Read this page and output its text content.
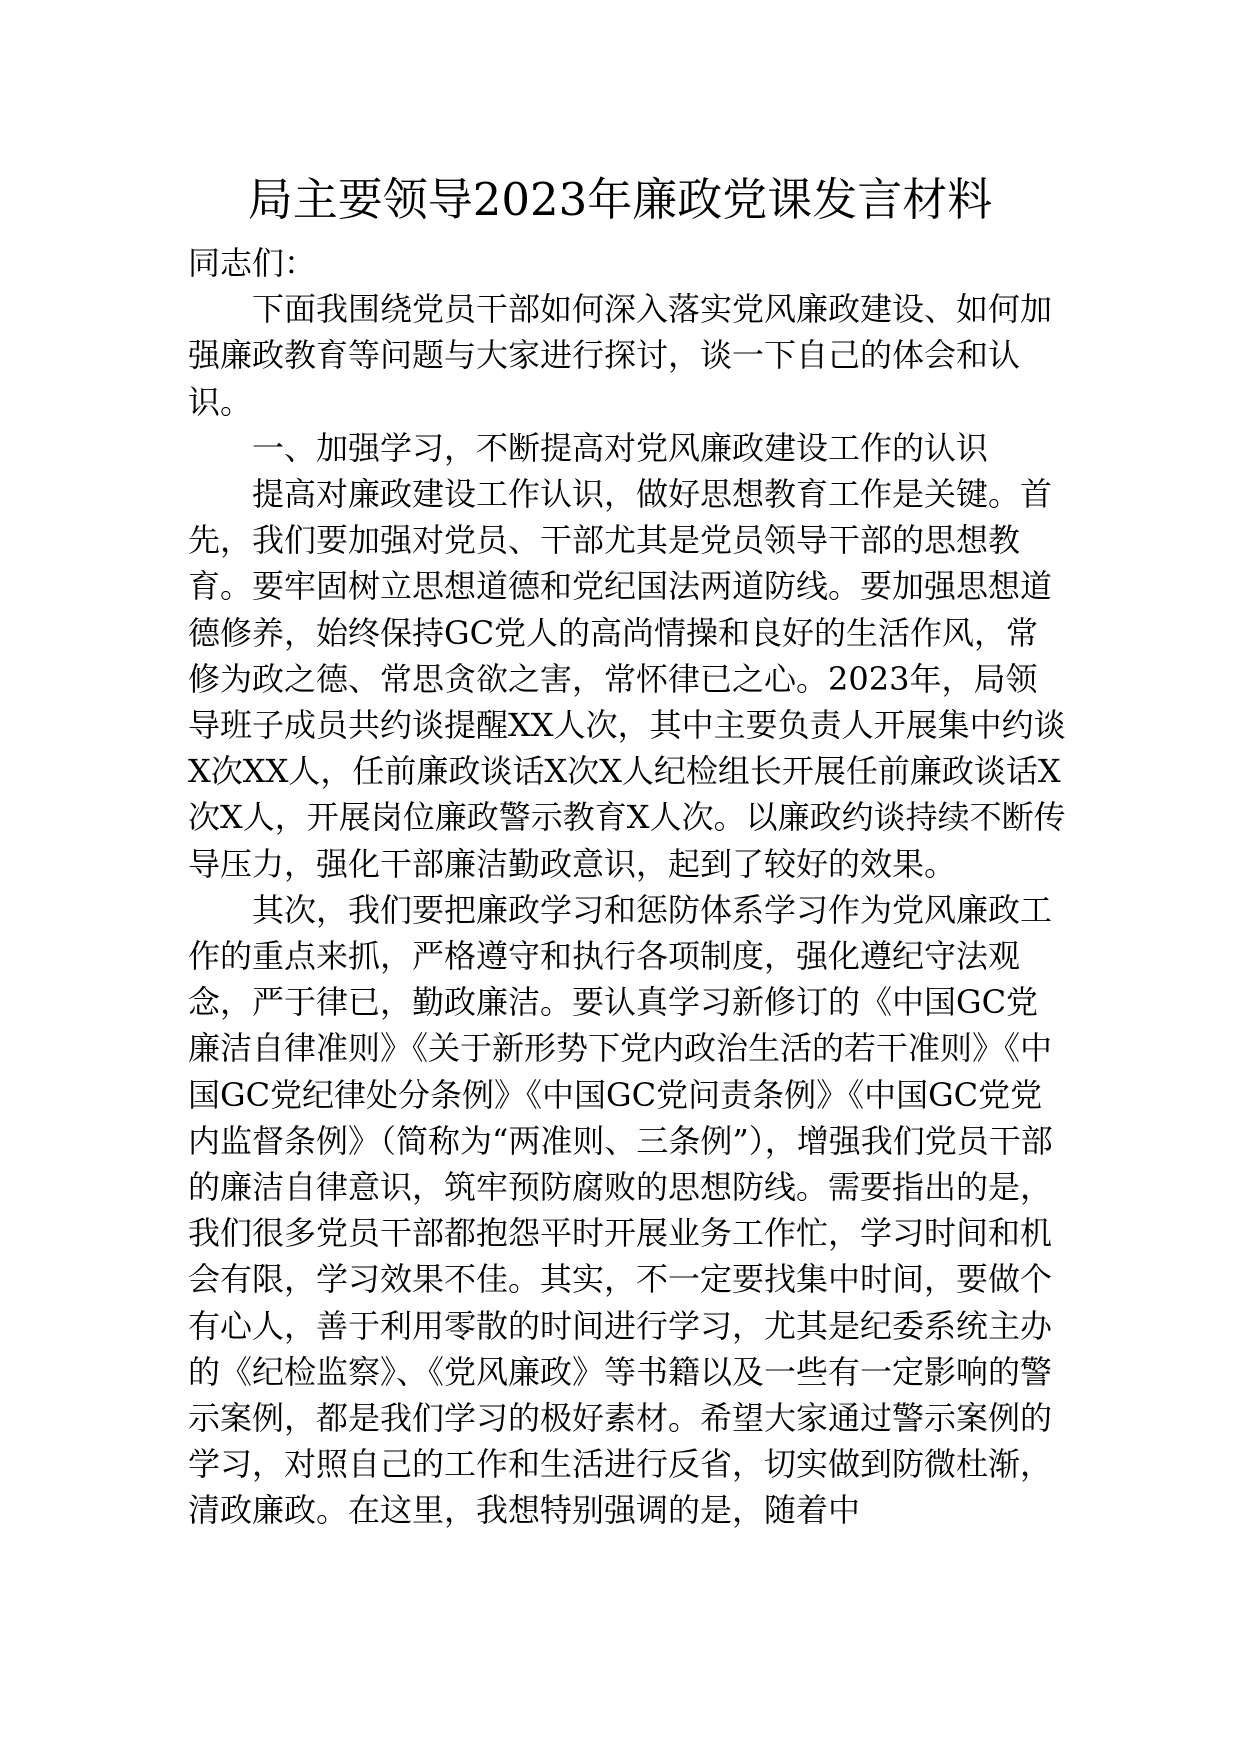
局主要领导2023年廉政党课发言材料

同志们：

下面我围绕党员干部如何深入落实党风廉政建设、如何加强廉政教育等问题与大家进行探讨，谈一下自己的体会和认识。

一、加强学习，不断提高对党风廉政建设工作的认识

提高对廉政建设工作认识，做好思想教育工作是关键。首先，我们要加强对党员、干部尤其是党员领导干部的思想教育。要牢固树立思想道德和党纪国法两道防线。要加强思想道德修养，始终保持GC党人的高尚情操和良好的生活作风，常修为政之德、常思贪欲之害，常怀律已之心。2023年，局领导班子成员共约谈提醒XX人次，其中主要负责人开展集中约谈X次XX人，任前廉政谈话X次X人纪检组长开展任前廉政谈话X次X人，开展岗位廉政警示教育X人次。以廉政约谈持续不断传导压力，强化干部廉洁勤政意识，起到了较好的效果。

其次，我们要把廉政学习和惩防体系学习作为党风廉政工作的重点来抓，严格遵守和执行各项制度，强化遵纪守法观念，严于律已，勤政廉洁。要认真学习新修订的《中国GC党廉洁自律准则》《关于新形势下党内政治生活的若干准则》《中国GC党纪律处分条例》《中国GC党问责条例》《中国GC党党内监督条例》（简称为“两准则、三条例”），增强我们党员干部的廉洁自律意识，筑牢预防腐败的思想防线。需要指出的是，我们很多党员干部都抱怨平时开展业务工作忙，学习时间和机会有限，学习效果不佳。其实，不一定要找集中时间，要做个有心人，善于利用零散的时间进行学习，尤其是纪委系统主办的《纪检监察》、《党风廉政》等书籍以及一些有一定影响的警示案例，都是我们学习的极好素材。希望大家通过警示案例的学习，对照自己的工作和生活进行反省，切实做到防微杜渐，清政廉政。在这里，我想特别强调的是，随着中
